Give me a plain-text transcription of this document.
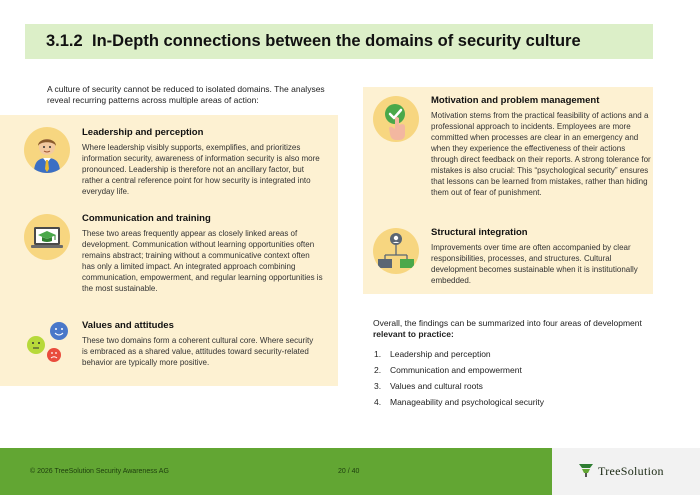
3.1.2 In-Depth connections between the domains of security culture

A culture of security cannot be reduced to isolated domains. The analyses reveal recurring patterns across multiple areas of action:

Leadership and perception
Where leadership visibly supports, exemplifies, and prioritizes information security, awareness of information security is also more pronounced. Leadership is therefore not an ancillary factor, but rather a central reference point for how security is integrated into everyday life.
Communication and training
These two areas frequently appear as closely linked areas of development. Communication without learning opportunities often remains abstract; training without a communicative context often has only a limited impact. An integrated approach combining communication, empowerment, and regular learning opportunities is the most sustainable.
Values and attitudes
These two domains form a coherent cultural core. Where security is embraced as a shared value, attitudes toward security-related behavior are typically more positive.
Motivation and problem management
Motivation stems from the practical feasibility of actions and a professional approach to incidents. Employees are more committed when processes are clear in an emergency and when they experience the effectiveness of their actions through direct feedback on their reports. A strong tolerance for mistakes is also crucial: This “psychological security” ensures that lessons can be learned from mistakes, rather than hiding them out of fear of punishment.
Structural integration
Improvements over time are often accompanied by clear responsibilities, processes, and structures. Cultural development becomes sustainable when it is institutionally embedded.

Overall, the findings can be summarized into four areas of development relevant to practice:

1. Leadership and perception
2. Communication and empowerment
3. Values and cultural roots
4. Manageability and psychological security
© 2026 TreeSolution Security Awareness AG	20 / 40	TreeSolution
